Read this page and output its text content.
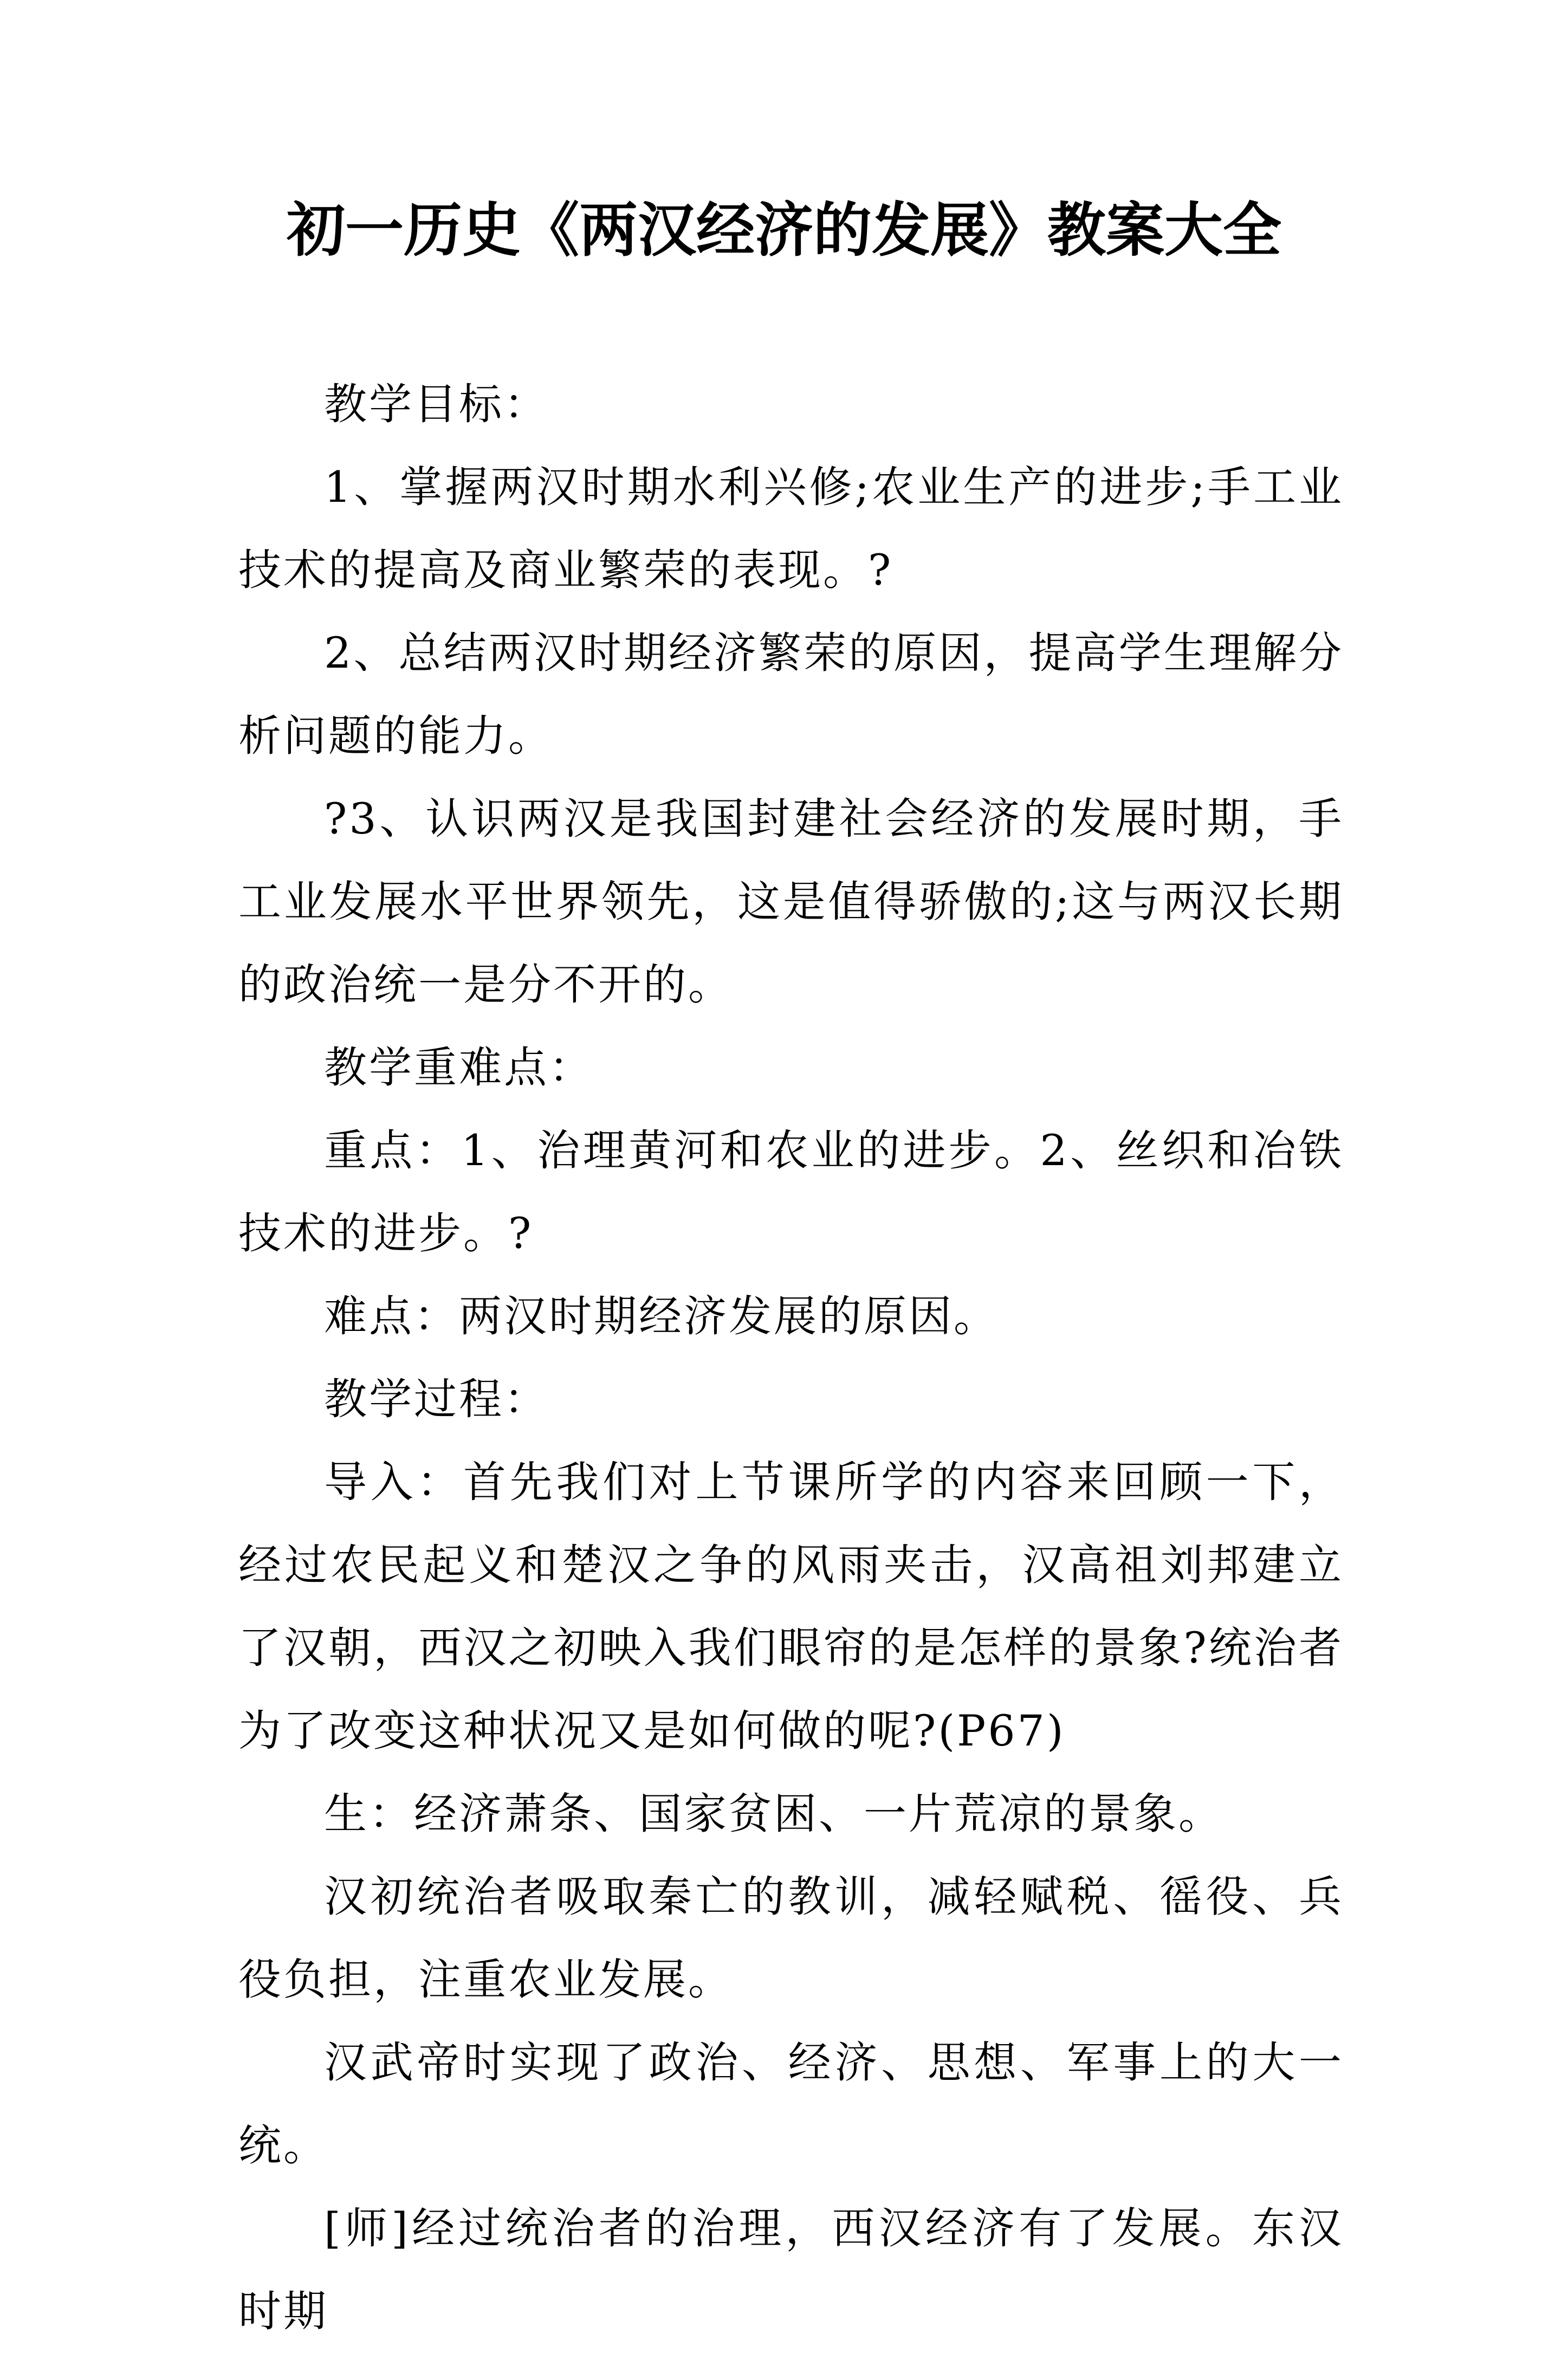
初一历史《两汉经济的发展》教案大全

教学目标：

1、掌握两汉时期水利兴修;农业生产的进步;手工业技术的提高及商业繁荣的表现。?

2、总结两汉时期经济繁荣的原因，提高学生理解分析问题的能力。

?3、认识两汉是我国封建社会经济的发展时期，手工业发展水平世界领先，这是值得骄傲的;这与两汉长期的政治统一是分不开的。

教学重难点：

重点：1、治理黄河和农业的进步。2、丝织和冶铁技术的进步。?

难点：两汉时期经济发展的原因。

教学过程：

导入：首先我们对上节课所学的内容来回顾一下，经过农民起义和楚汉之争的风雨夹击，汉高祖刘邦建立了汉朝，西汉之初映入我们眼帘的是怎样的景象?统治者为了改变这种状况又是如何做的呢?(P67)

生：经济萧条、国家贫困、一片荒凉的景象。

汉初统治者吸取秦亡的教训，减轻赋税、徭役、兵役负担，注重农业发展。

汉武帝时实现了政治、经济、思想、军事上的大一统。

[师]经过统治者的治理，西汉经济有了发展。东汉时期
